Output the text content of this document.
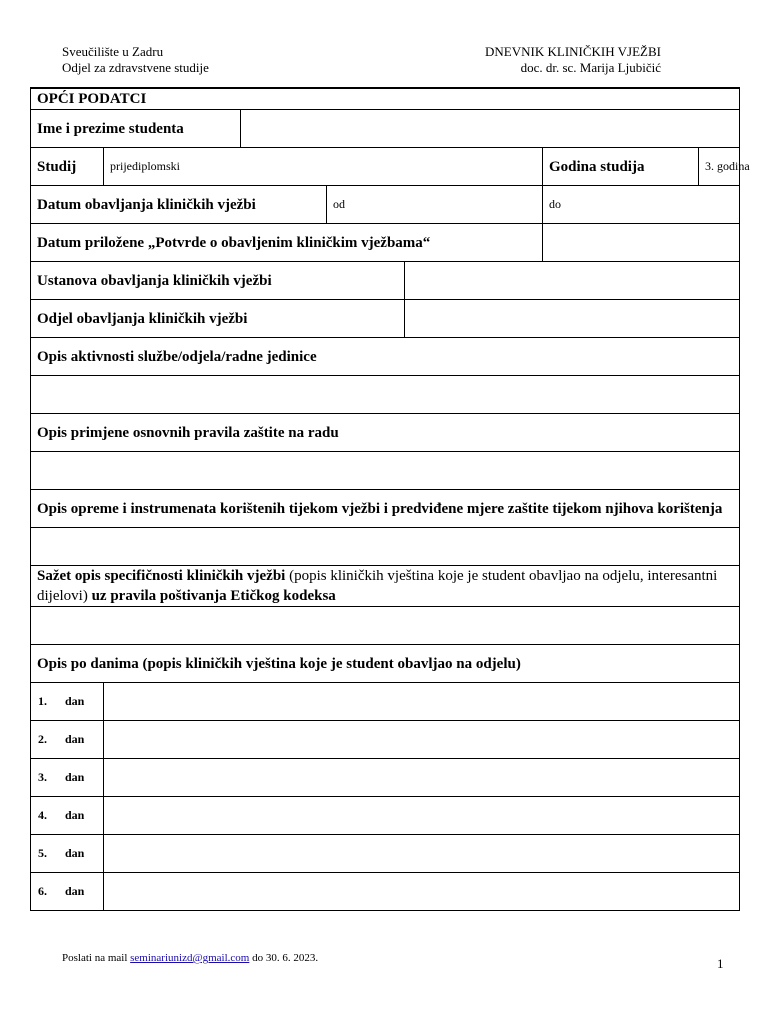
Sveučilište u Zadru
Odjel za zdravstvene studije
DNEVNIK KLINIČKIH VJEŽBI
doc. dr. sc. Marija Ljubičić
OPĆI PODATCI						
Ime i prezime studenta						
Studij	prijediplomski				Godina studija	3. godina
Datum obavljanja kliničkih vježbi			od		do	
Datum priložene „Potvrde o obavljenim kliničkim vježbama“						
Ustanova obavljanja kliničkih vježbi						
Odjel obavljanja kliničkih vježbi						
Opis aktivnosti službe/odjela/radne jedinice						

Opis primjene osnovnih pravila zaštite na radu						

Opis opreme i instrumenata korištenih tijekom vježbi i predviđene mjere zaštite tijekom njihova korištenja						

Sažet opis specifičnosti kliničkih vježbi (popis kliničkih vještina koje je student obavljao na odjelu, interesantni dijelovi) uz pravila poštivanja Etičkog kodeksa						

Opis po danima (popis kliničkih vještina koje je student obavljao na odjelu)						
1. dan						
2. dan						
3. dan						
4. dan						
5. dan						
6. dan						
Poslati na mail seminariunizd@gmail.com do 30. 6. 2023.	1
